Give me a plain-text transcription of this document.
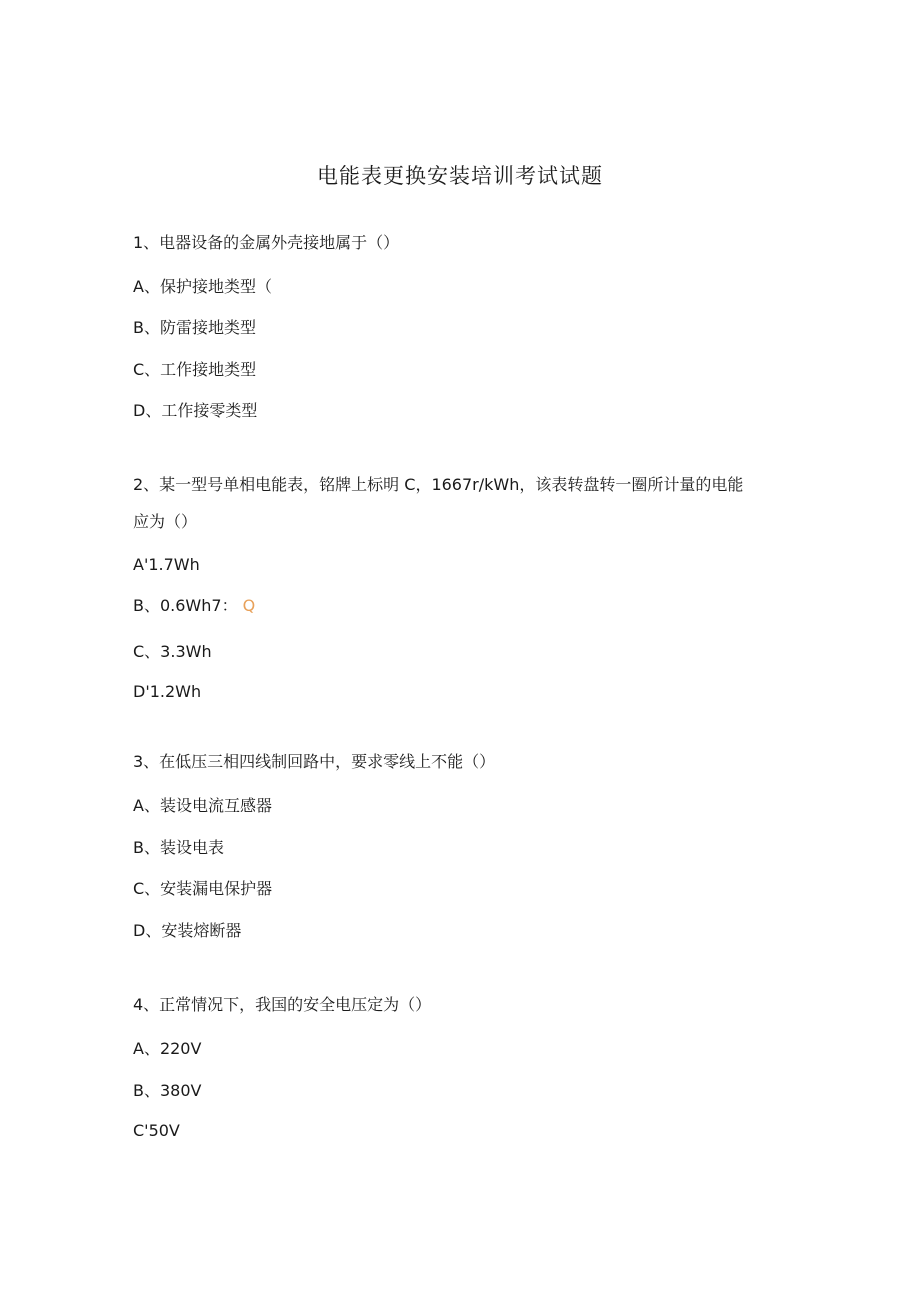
电能表更换安装培训考试试题
1、电器设备的金属外壳接地属于（）
A、保护接地类型（
B、防雷接地类型
C、工作接地类型
D、工作接零类型
2、某一型号单相电能表，铭牌上标明 C，1667r/kWh，该表转盘转一圈所计量的电能
应为（）
A'1.7Wh
B、0.6Wh7： Q
C、3.3Wh
D'1.2Wh
3、在低压三相四线制回路中，要求零线上不能（）
A、装设电流互感器
B、装设电表
C、安装漏电保护器
D、安装熔断器
4、正常情况下，我国的安全电压定为（）
A、220V
B、380V
C'50V
